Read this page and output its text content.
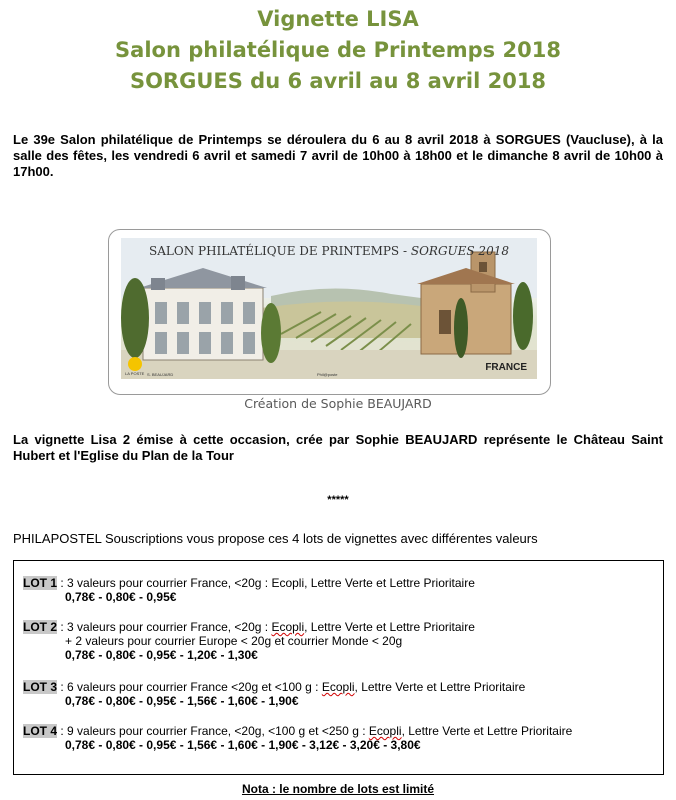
Vignette LISA
Salon philatélique de Printemps 2018
SORGUES du 6 avril au 8 avril 2018
Le 39e Salon philatélique de Printemps se déroulera du 6 au 8 avril 2018 à SORGUES (Vaucluse), à la salle des fêtes, les vendredi 6 avril et samedi 7 avril de 10h00 à 18h00 et le dimanche 8 avril de 10h00 à 17h00.
SALON PHILATÉLIQUE DE PRINTEMPS - SORGUES 2018
FRANCE
LA POSTE S. BEAUJARD	Phil@poste
Création de Sophie BEAUJARD
La vignette Lisa 2 émise à cette occasion, crée par Sophie BEAUJARD représente le Château Saint Hubert et l'Eglise du Plan de la Tour
*****
PHILAPOSTEL Souscriptions vous propose ces 4 lots de vignettes avec différentes valeurs
LOT 1 : 3 valeurs pour courrier France, <20g : Ecopli, Lettre Verte et Lettre Prioritaire
0,78€ - 0,80€ - 0,95€
LOT 2 : 3 valeurs pour courrier France, <20g : Ecopli, Lettre Verte et Lettre Prioritaire
+ 2 valeurs pour courrier Europe < 20g et courrier Monde < 20g
0,78€ - 0,80€ - 0,95€ - 1,20€ - 1,30€
LOT 3 : 6 valeurs pour courrier France <20g et <100 g : Ecopli, Lettre Verte et Lettre Prioritaire
0,78€ - 0,80€ - 0,95€ - 1,56€ - 1,60€ - 1,90€
LOT 4 : 9 valeurs pour courrier France, <20g, <100 g et <250 g : Ecopli, Lettre Verte et Lettre Prioritaire
0,78€ - 0,80€ - 0,95€ - 1,56€ - 1,60€ - 1,90€ - 3,12€ - 3,20€ - 3,80€
Nota : le nombre de lots est limité
